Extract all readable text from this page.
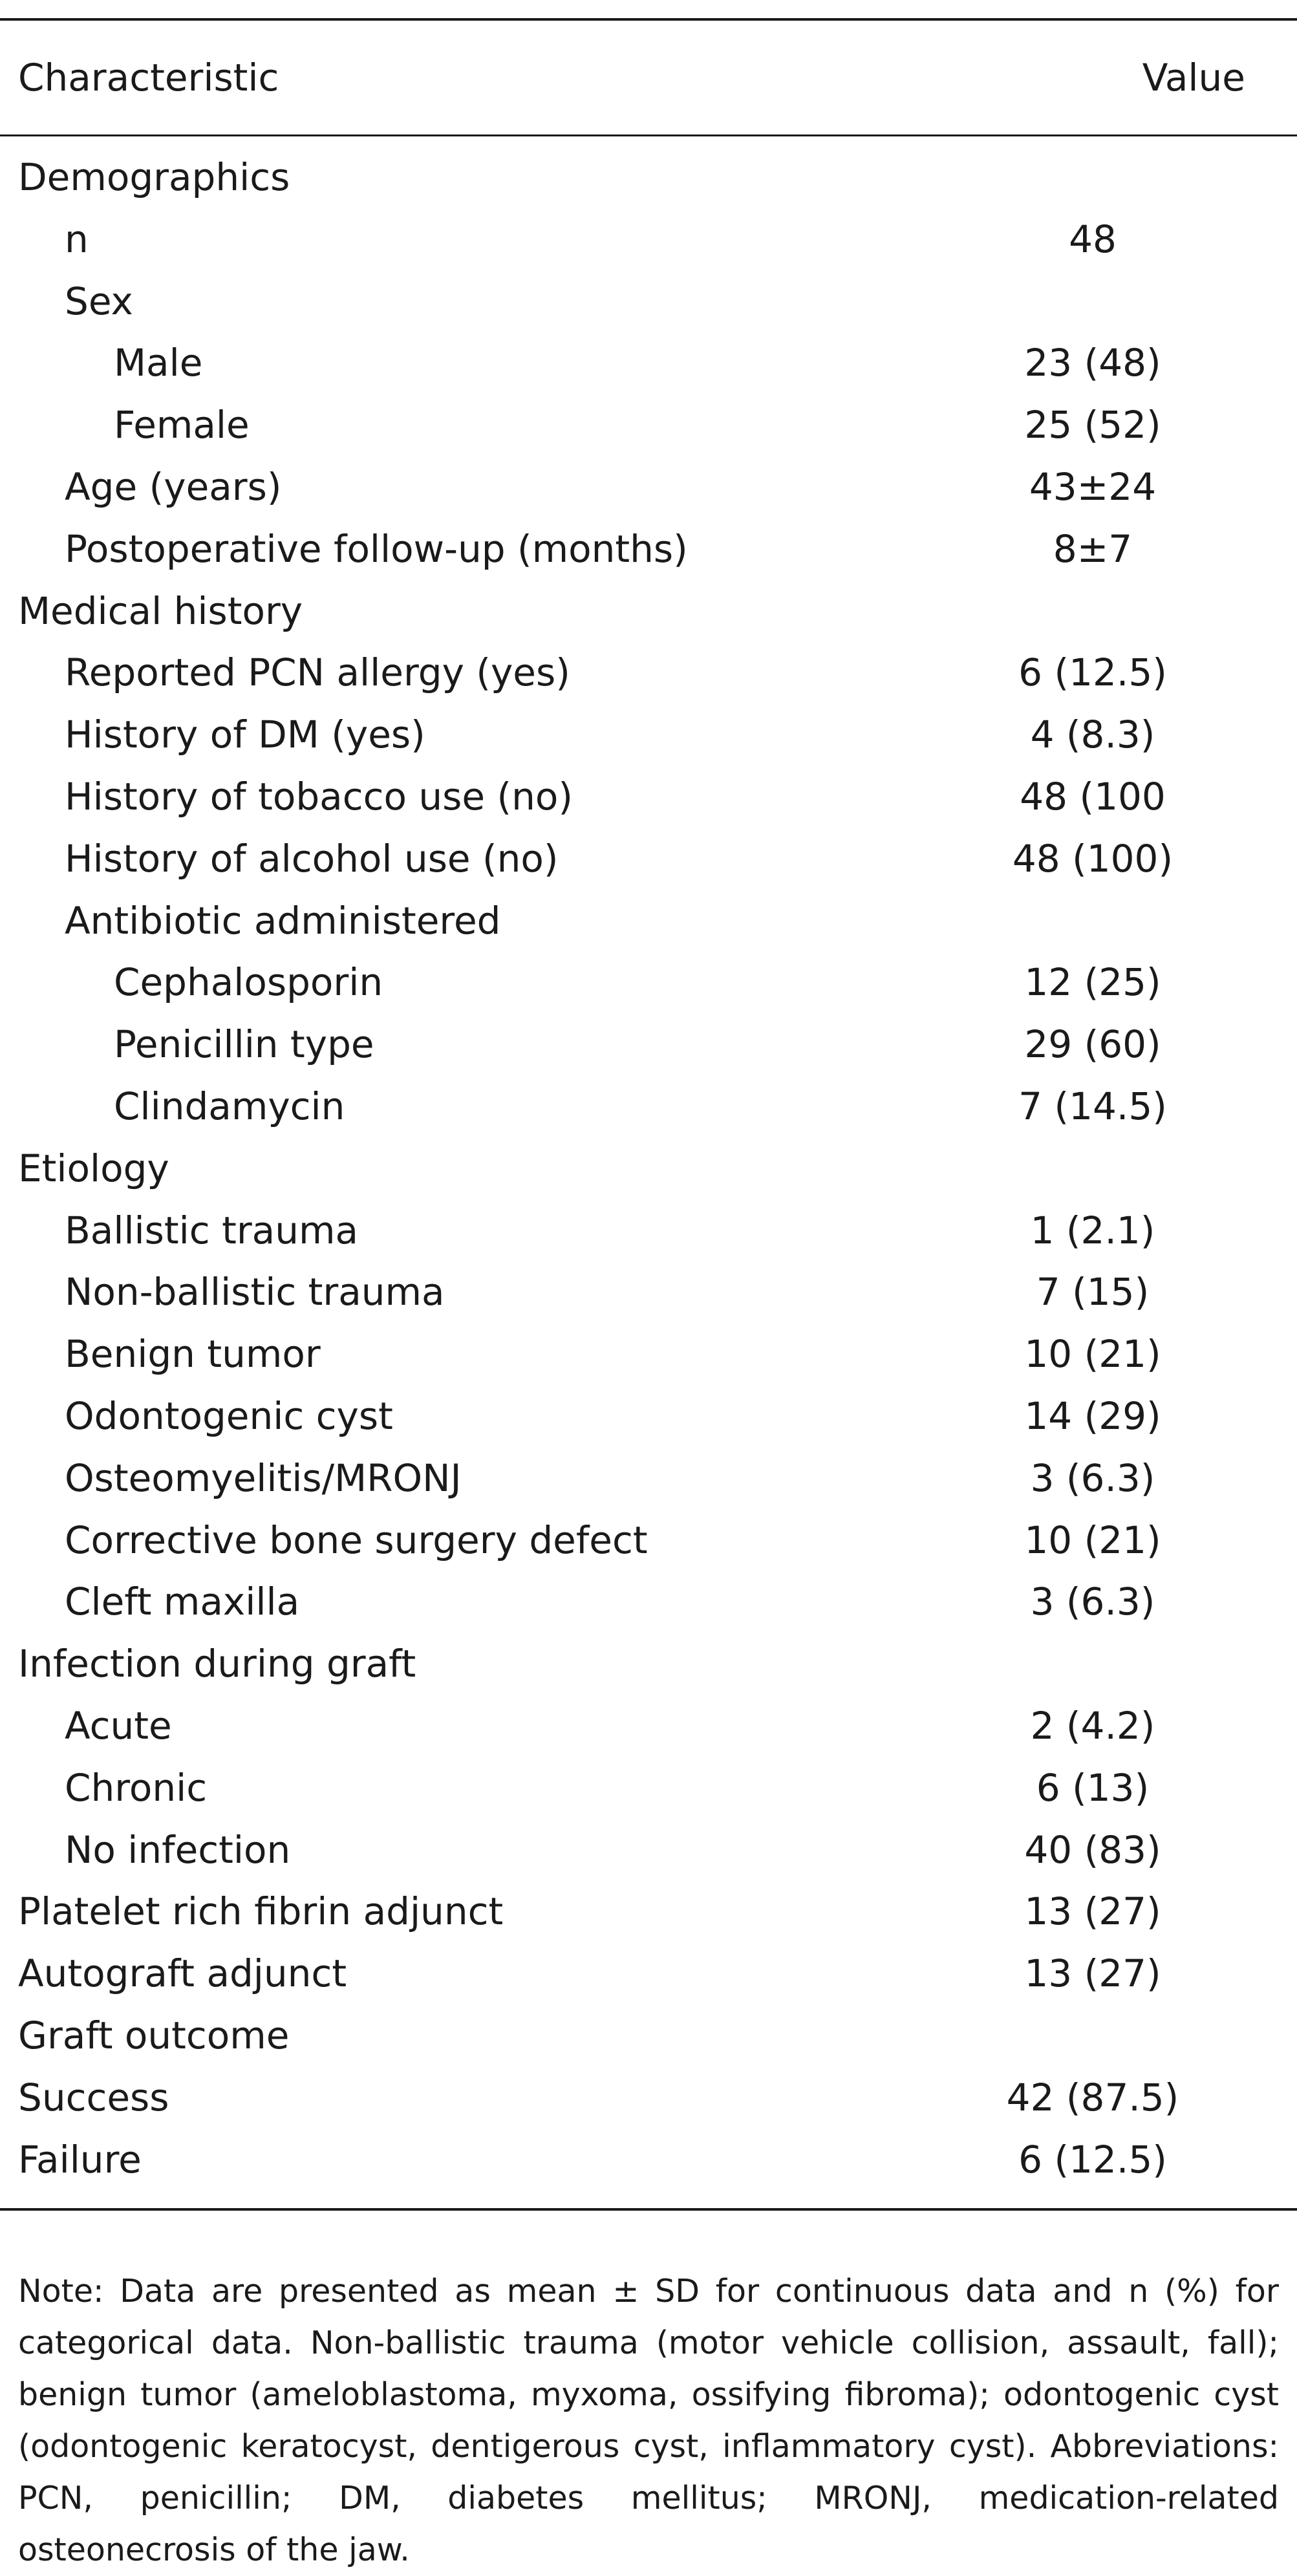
Characteristic	Value
Demographics
n	48
Sex
Male	23 (48)
Female	25 (52)
Age (years)	43±24
Postoperative follow-up (months)	8±7
Medical history
Reported PCN allergy (yes)	6 (12.5)
History of DM (yes)	4 (8.3)
History of tobacco use (no)	48 (100
History of alcohol use (no)	48 (100)
Antibiotic administered
Cephalosporin	12 (25)
Penicillin type	29 (60)
Clindamycin	7 (14.5)
Etiology
Ballistic trauma	1 (2.1)
Non-ballistic trauma	7 (15)
Benign tumor	10 (21)
Odontogenic cyst	14 (29)
Osteomyelitis/MRONJ	3 (6.3)
Corrective bone surgery defect	10 (21)
Cleft maxilla	3 (6.3)
Infection during graft
Acute	2 (4.2)
Chronic	6 (13)
No infection	40 (83)
Platelet rich fibrin adjunct	13 (27)
Autograft adjunct	13 (27)
Graft outcome
Success	42 (87.5)
Failure	6 (12.5)

Note: Data are presented as mean ± SD for continuous data and n (%) for categorical data. Non-ballistic trauma (motor vehicle collision, assault, fall); benign tumor (ameloblastoma, myxoma, ossifying fibroma); odontogenic cyst (odontogenic keratocyst, dentigerous cyst, inflammatory cyst). Abbreviations: PCN, penicillin; DM, diabetes mellitus; MRONJ, medication-related osteonecrosis of the jaw.
